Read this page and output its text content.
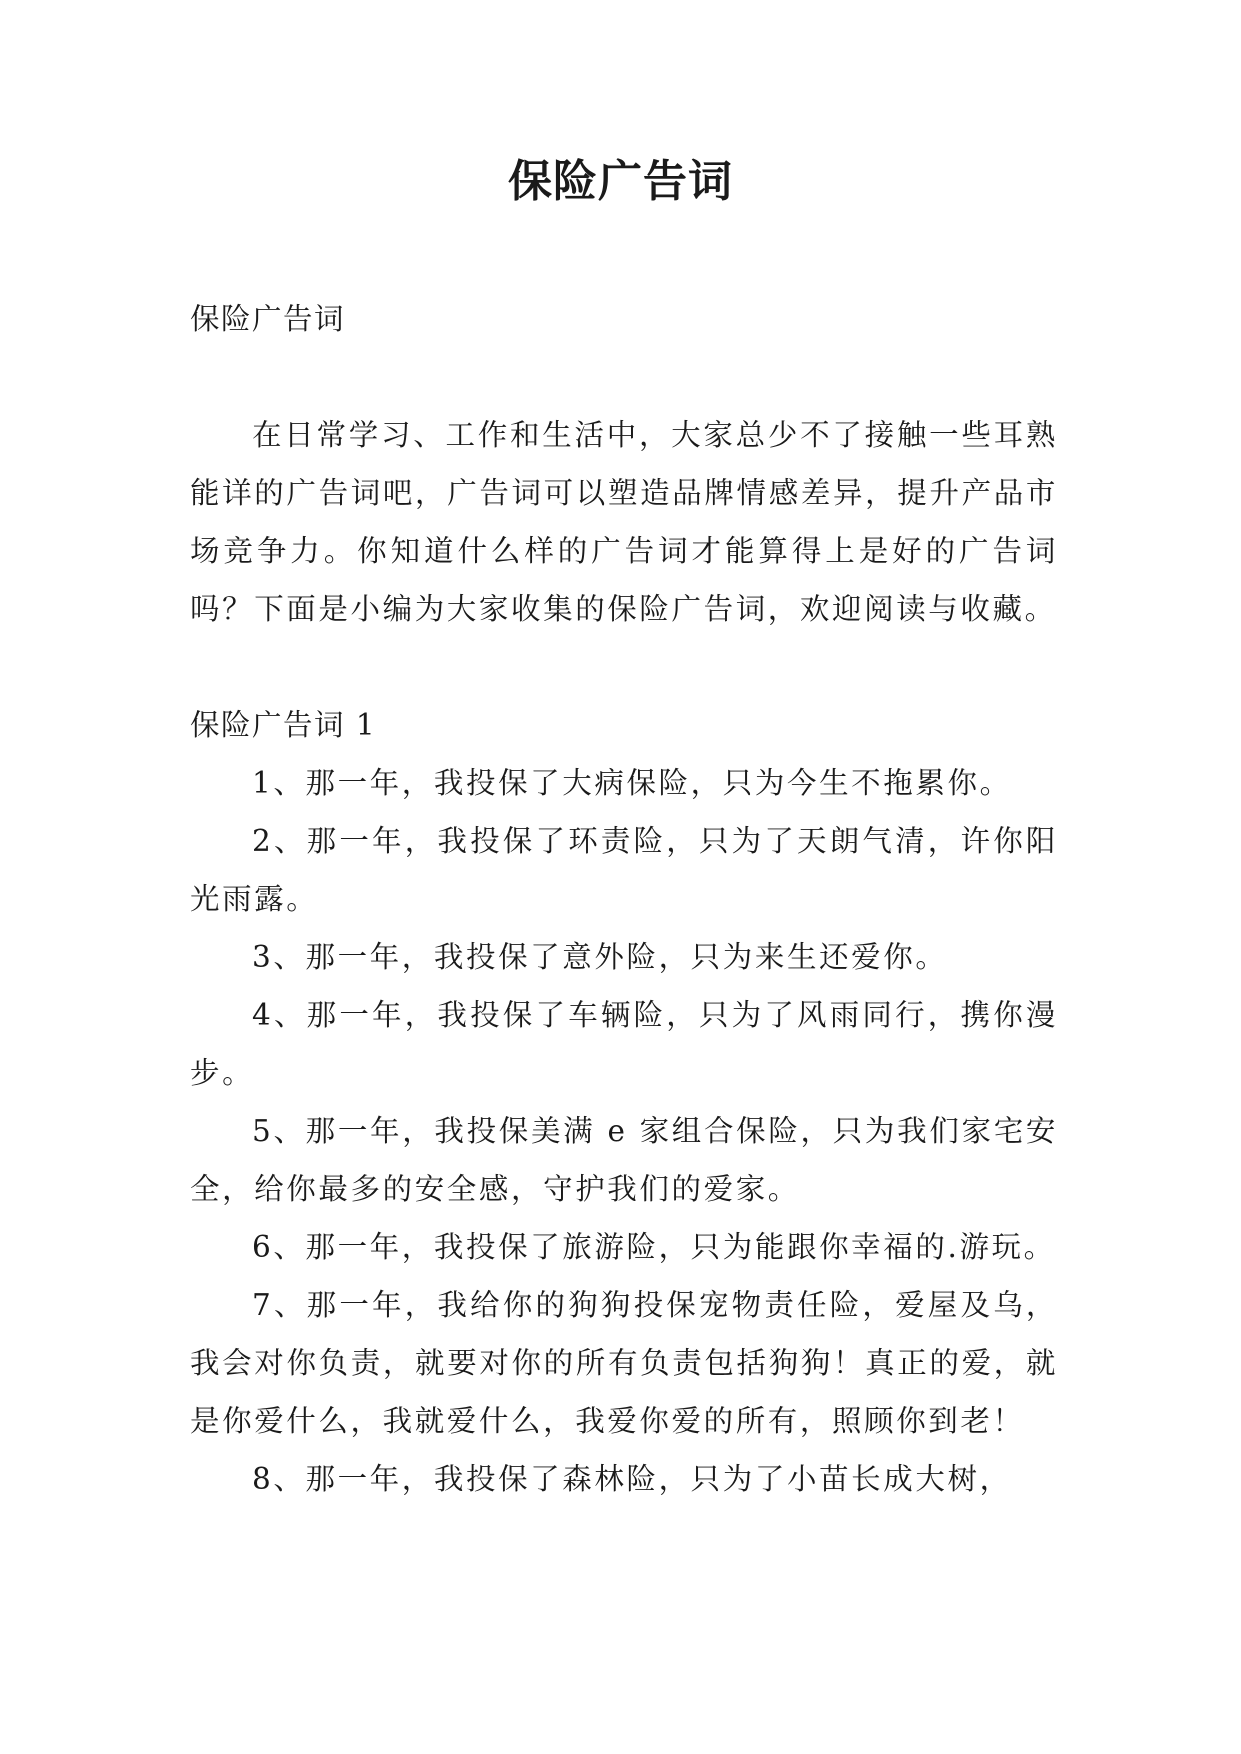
保险广告词

保险广告词

在日常学习、工作和生活中，大家总少不了接触一些耳熟能详的广告词吧，广告词可以塑造品牌情感差异，提升产品市场竞争力。你知道什么样的广告词才能算得上是好的广告词吗？下面是小编为大家收集的保险广告词，欢迎阅读与收藏。

保险广告词 1

1、那一年，我投保了大病保险，只为今生不拖累你。

2、那一年，我投保了环责险，只为了天朗气清，许你阳光雨露。

3、那一年，我投保了意外险，只为来生还爱你。

4、那一年，我投保了车辆险，只为了风雨同行，携你漫步。

5、那一年，我投保美满 e 家组合保险，只为我们家宅安全，给你最多的安全感，守护我们的爱家。

6、那一年，我投保了旅游险，只为能跟你幸福的.游玩。

7、那一年，我给你的狗狗投保宠物责任险，爱屋及乌，我会对你负责，就要对你的所有负责包括狗狗！真正的爱，就是你爱什么，我就爱什么，我爱你爱的所有，照顾你到老！

8、那一年，我投保了森林险，只为了小苗长成大树，
